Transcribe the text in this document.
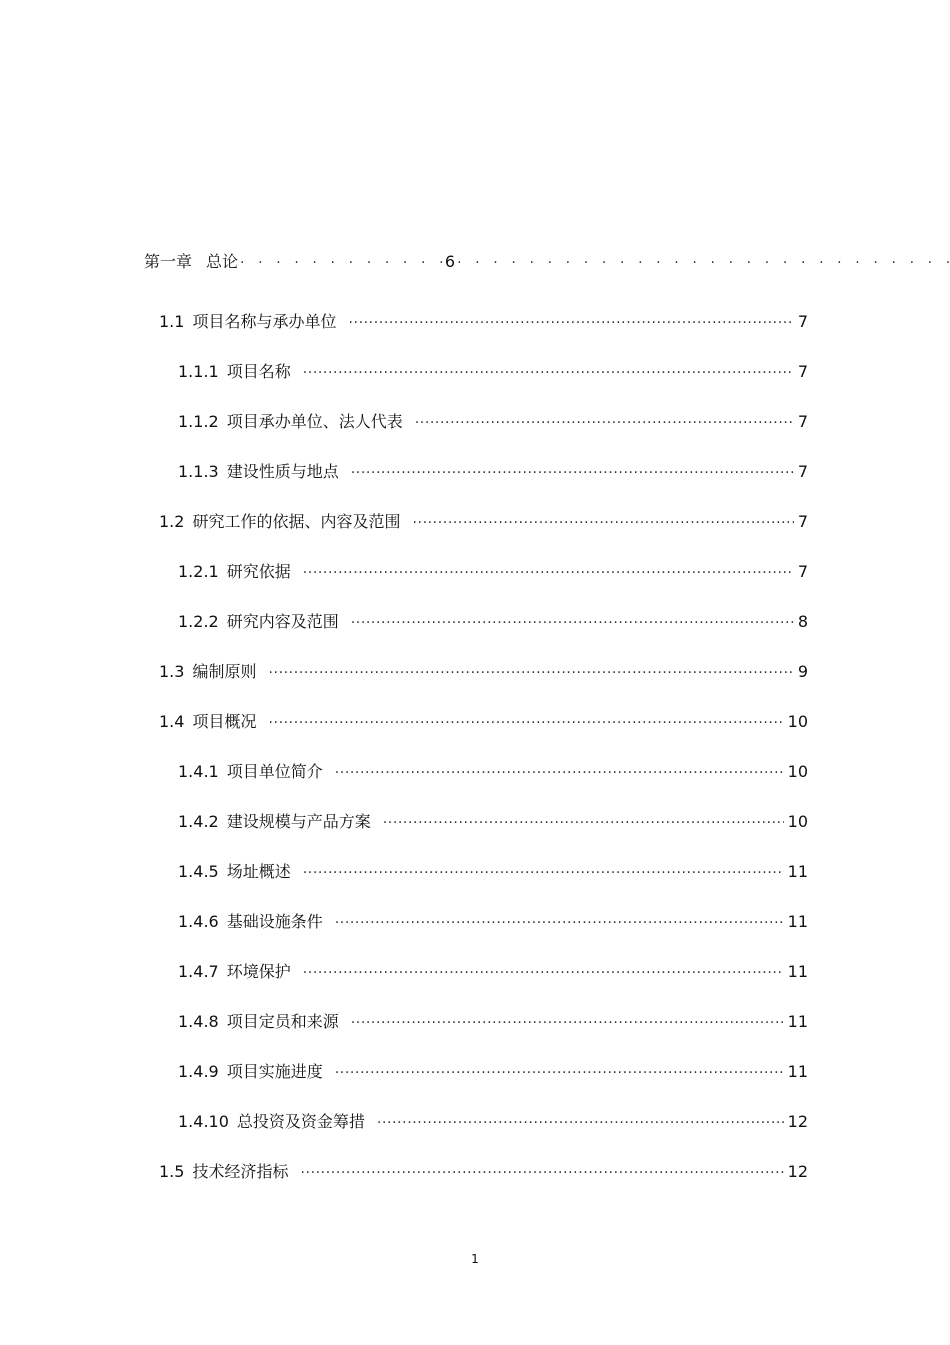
第一章 总论 · · ·	6
· · ·
1.1 项目名称与承办单位 ·····	7
1.1.1 项目名称 ·····	7
1.1.2 项目承办单位、法人代表 ·····	7
1.1.3 建设性质与地点 ·····	7
1.2 研究工作的依据、内容及范围 ·····	7
1.2.1 研究依据 ·····	7
1.2.2 研究内容及范围 ·····	8
1.3 编制原则 ·····	9
1.4 项目概况 ·····	10
1.4.1 项目单位简介 ·····	10
1.4.2 建设规模与产品方案 ·····	10
1.4.5 场址概述 ·····	11
1.4.6 基础设施条件 ·····	11
1.4.7 环境保护 ·····	11
1.4.8 项目定员和来源 ·····	11
1.4.9 项目实施进度 ·····	11
1.4.10 总投资及资金筹措 ·····	12
1.5 技术经济指标 ·····	12
1
